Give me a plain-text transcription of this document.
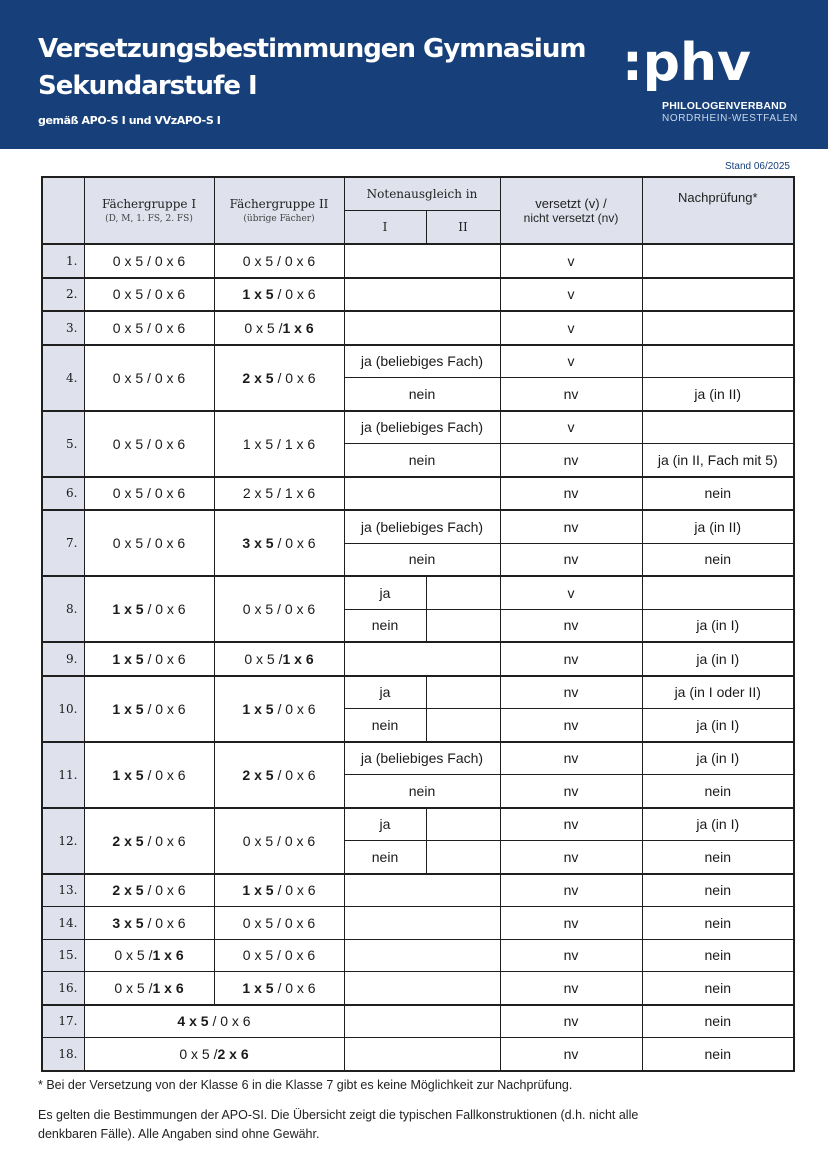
Versetzungsbestimmungen Gymnasium
Sekundarstufe I
gemäß APO-S I und VVzAPO-S I
:phv
PHILOLOGENVERBAND
NORDRHEIN-WESTFALEN
Stand 06/2025
	Fächergruppe I
(D, M, 1. FS, 2. FS)	Fächergruppe II
(übrige Fächer)	Notenausgleich in		versetzt (v) /
nicht versetzt (nv)	Nachprüfung*
			I	II		
1.	0 x 5 / 0 x 6	0 x 5 / 0 x 6			v	
2.	0 x 5 / 0 x 6	1 x 5 / 0 x 6			v	
3.	0 x 5 / 0 x 6	0 x 5 /1 x 6			v	
4.	0 x 5 / 0 x 6	2 x 5 / 0 x 6	ja (beliebiges Fach)		v	
			nein		nv	ja (in II)
5.	0 x 5 / 0 x 6	1 x 5 / 1 x 6	ja (beliebiges Fach)		v	
			nein		nv	ja (in II, Fach mit 5)
6.	0 x 5 / 0 x 6	2 x 5 / 1 x 6			nv	nein
7.	0 x 5 / 0 x 6	3 x 5 / 0 x 6	ja (beliebiges Fach)		nv	ja (in II)
			nein		nv	nein
8.	1 x 5 / 0 x 6	0 x 5 / 0 x 6	ja		v	
			nein		nv	ja (in I)
9.	1 x 5 / 0 x 6	0 x 5 /1 x 6			nv	ja (in I)
10.	1 x 5 / 0 x 6	1 x 5 / 0 x 6	ja		nv	ja (in I oder II)
			nein		nv	ja (in I)
11.	1 x 5 / 0 x 6	2 x 5 / 0 x 6	ja (beliebiges Fach)		nv	ja (in I)
			nein		nv	nein
12.	2 x 5 / 0 x 6	0 x 5 / 0 x 6	ja		nv	ja (in I)
			nein		nv	nein
13.	2 x 5 / 0 x 6	1 x 5 / 0 x 6			nv	nein
14.	3 x 5 / 0 x 6	0 x 5 / 0 x 6			nv	nein
15.	0 x 5 /1 x 6	0 x 5 / 0 x 6			nv	nein
16.	0 x 5 /1 x 6	1 x 5 / 0 x 6			nv	nein
17.	4 x 5 / 0 x 6				nv	nein
18.	0 x 5 /2 x 6				nv	nein
* Bei der Versetzung von der Klasse 6 in die Klasse 7 gibt es keine Möglichkeit zur Nachprüfung.
Es gelten die Bestimmungen der APO-SI. Die Übersicht zeigt die typischen Fallkonstruktionen (d.h. nicht alle denkbaren Fälle). Alle Angaben sind ohne Gewähr.
